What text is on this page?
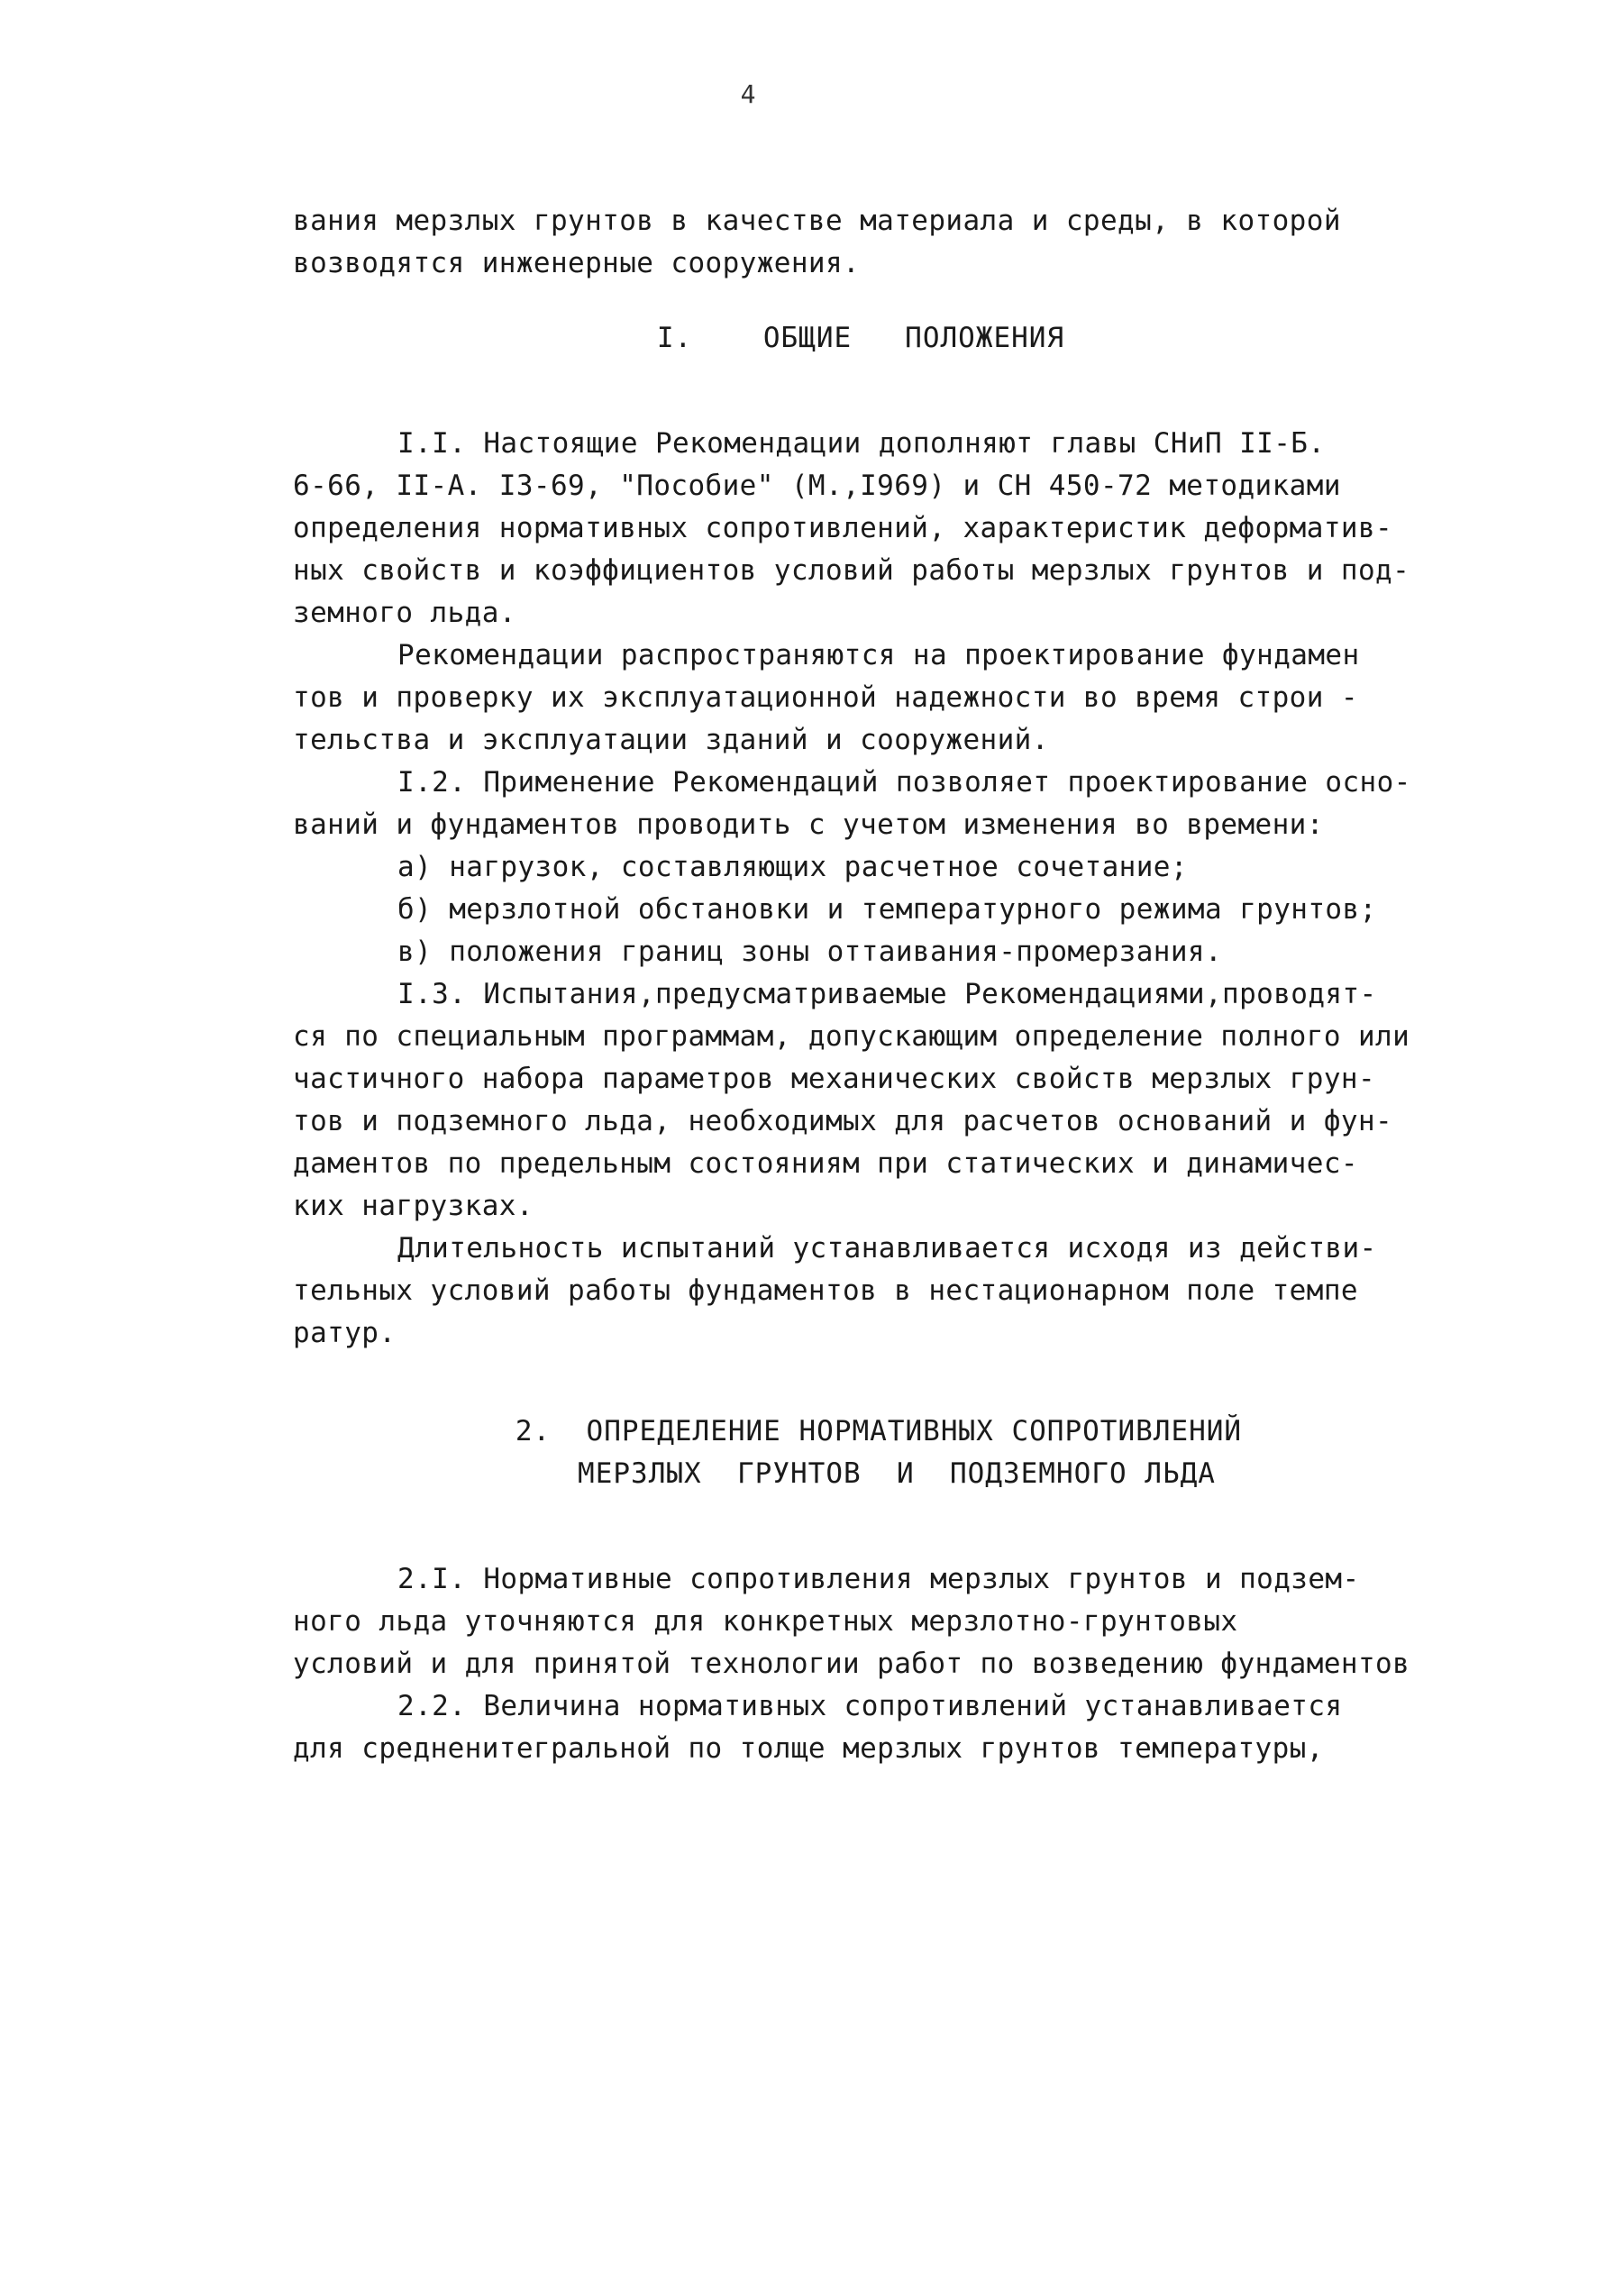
4
вания мерзлых грунтов в качестве материала и среды, в которой
возводятся инженерные сооружения.
I.    ОБЩИЕ   ПОЛОЖЕНИЯ
I.I. Настоящие Рекомендации дополняют главы СНиП II-Б.
6-66, II-А. I3-69, "Пособие" (М.,I969) и СН 450-72 методиками
определения нормативных сопротивлений, характеристик деформатив-
ных свойств и коэффициентов условий работы мерзлых грунтов и под-
земного льда.
Рекомендации распространяются на проектирование фундамен
тов и проверку их эксплуатационной надежности во время строи -
тельства и эксплуатации зданий и сооружений.
I.2. Применение Рекомендаций позволяет проектирование осно-
ваний и фундаментов проводить с учетом изменения во времени:
а) нагрузок, составляющих расчетное сочетание;
б) мерзлотной обстановки и температурного режима грунтов;
в) положения границ зоны оттаивания-промерзания.
I.3. Испытания,предусматриваемые Рекомендациями,проводят-
ся по специальным программам, допускающим определение полного или
частичного набора параметров механических свойств мерзлых грун-
тов и подземного льда, необходимых для расчетов оснований и фун-
даментов по предельным состояниям при статических и динамичес-
ких нагрузках.
Длительность испытаний устанавливается исходя из действи-
тельных условий работы фундаментов в нестационарном поле темпе
ратур.
2.  ОПРЕДЕЛЕНИЕ НОРМАТИВНЫХ СОПРОТИВЛЕНИЙ
МЕРЗЛЫХ  ГРУНТОВ  И  ПОДЗЕМНОГО ЛЬДА
2.I. Нормативные сопротивления мерзлых грунтов и подзем-
ного льда уточняются для конкретных мерзлотно-грунтовых
условий и для принятой технологии работ по возведению фундаментов
2.2. Величина нормативных сопротивлений устанавливается
для средненитегральной по толще мерзлых грунтов температуры,
